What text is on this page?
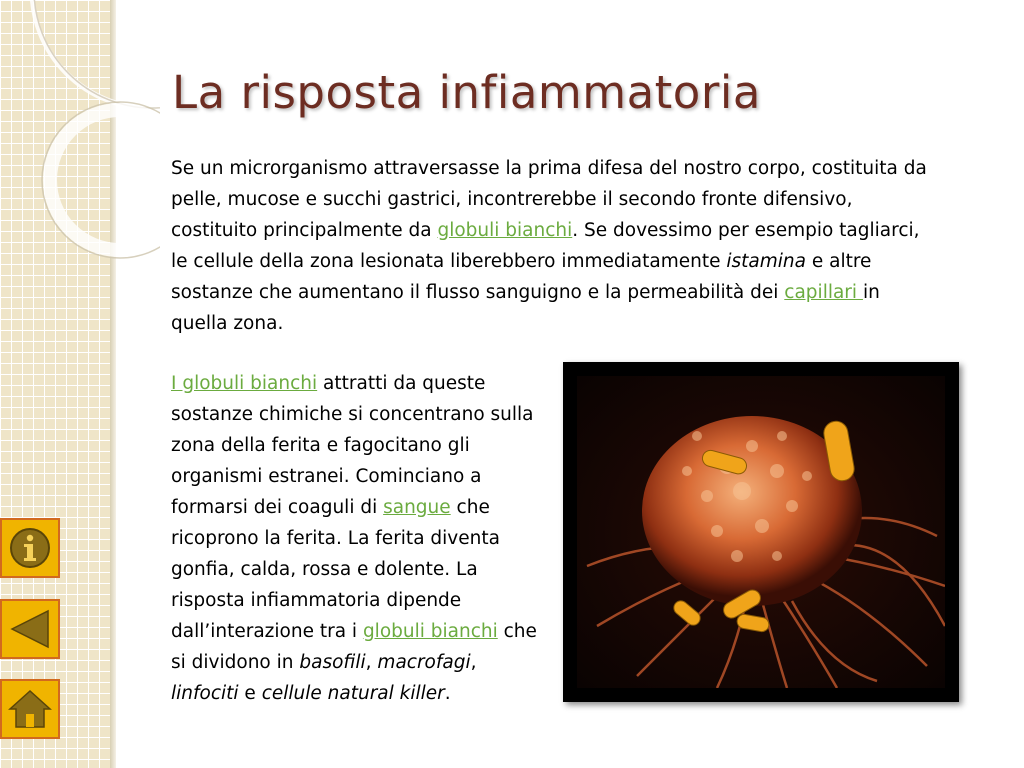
La risposta infiammatoria
Se un microrganismo attraversasse la prima difesa del nostro corpo, costituita da pelle, mucose e succhi gastrici, incontrerebbe il secondo fronte difensivo, costituito principalmente da globuli bianchi. Se dovessimo per esempio tagliarci, le cellule della zona lesionata liberebbero immediatamente istamina e altre sostanze che aumentano il flusso sanguigno e la permeabilità dei capillari in quella zona.
I globuli bianchi attratti da queste sostanze chimiche si concentrano sulla zona della ferita e fagocitano gli organismi estranei. Cominciano a formarsi dei coaguli di sangue che ricoprono la ferita. La ferita diventa gonfia, calda, rossa e dolente. La risposta infiammatoria dipende dall’interazione tra i globuli bianchi che si dividono in basofili, macrofagi,
linfociti e cellule natural killer.
